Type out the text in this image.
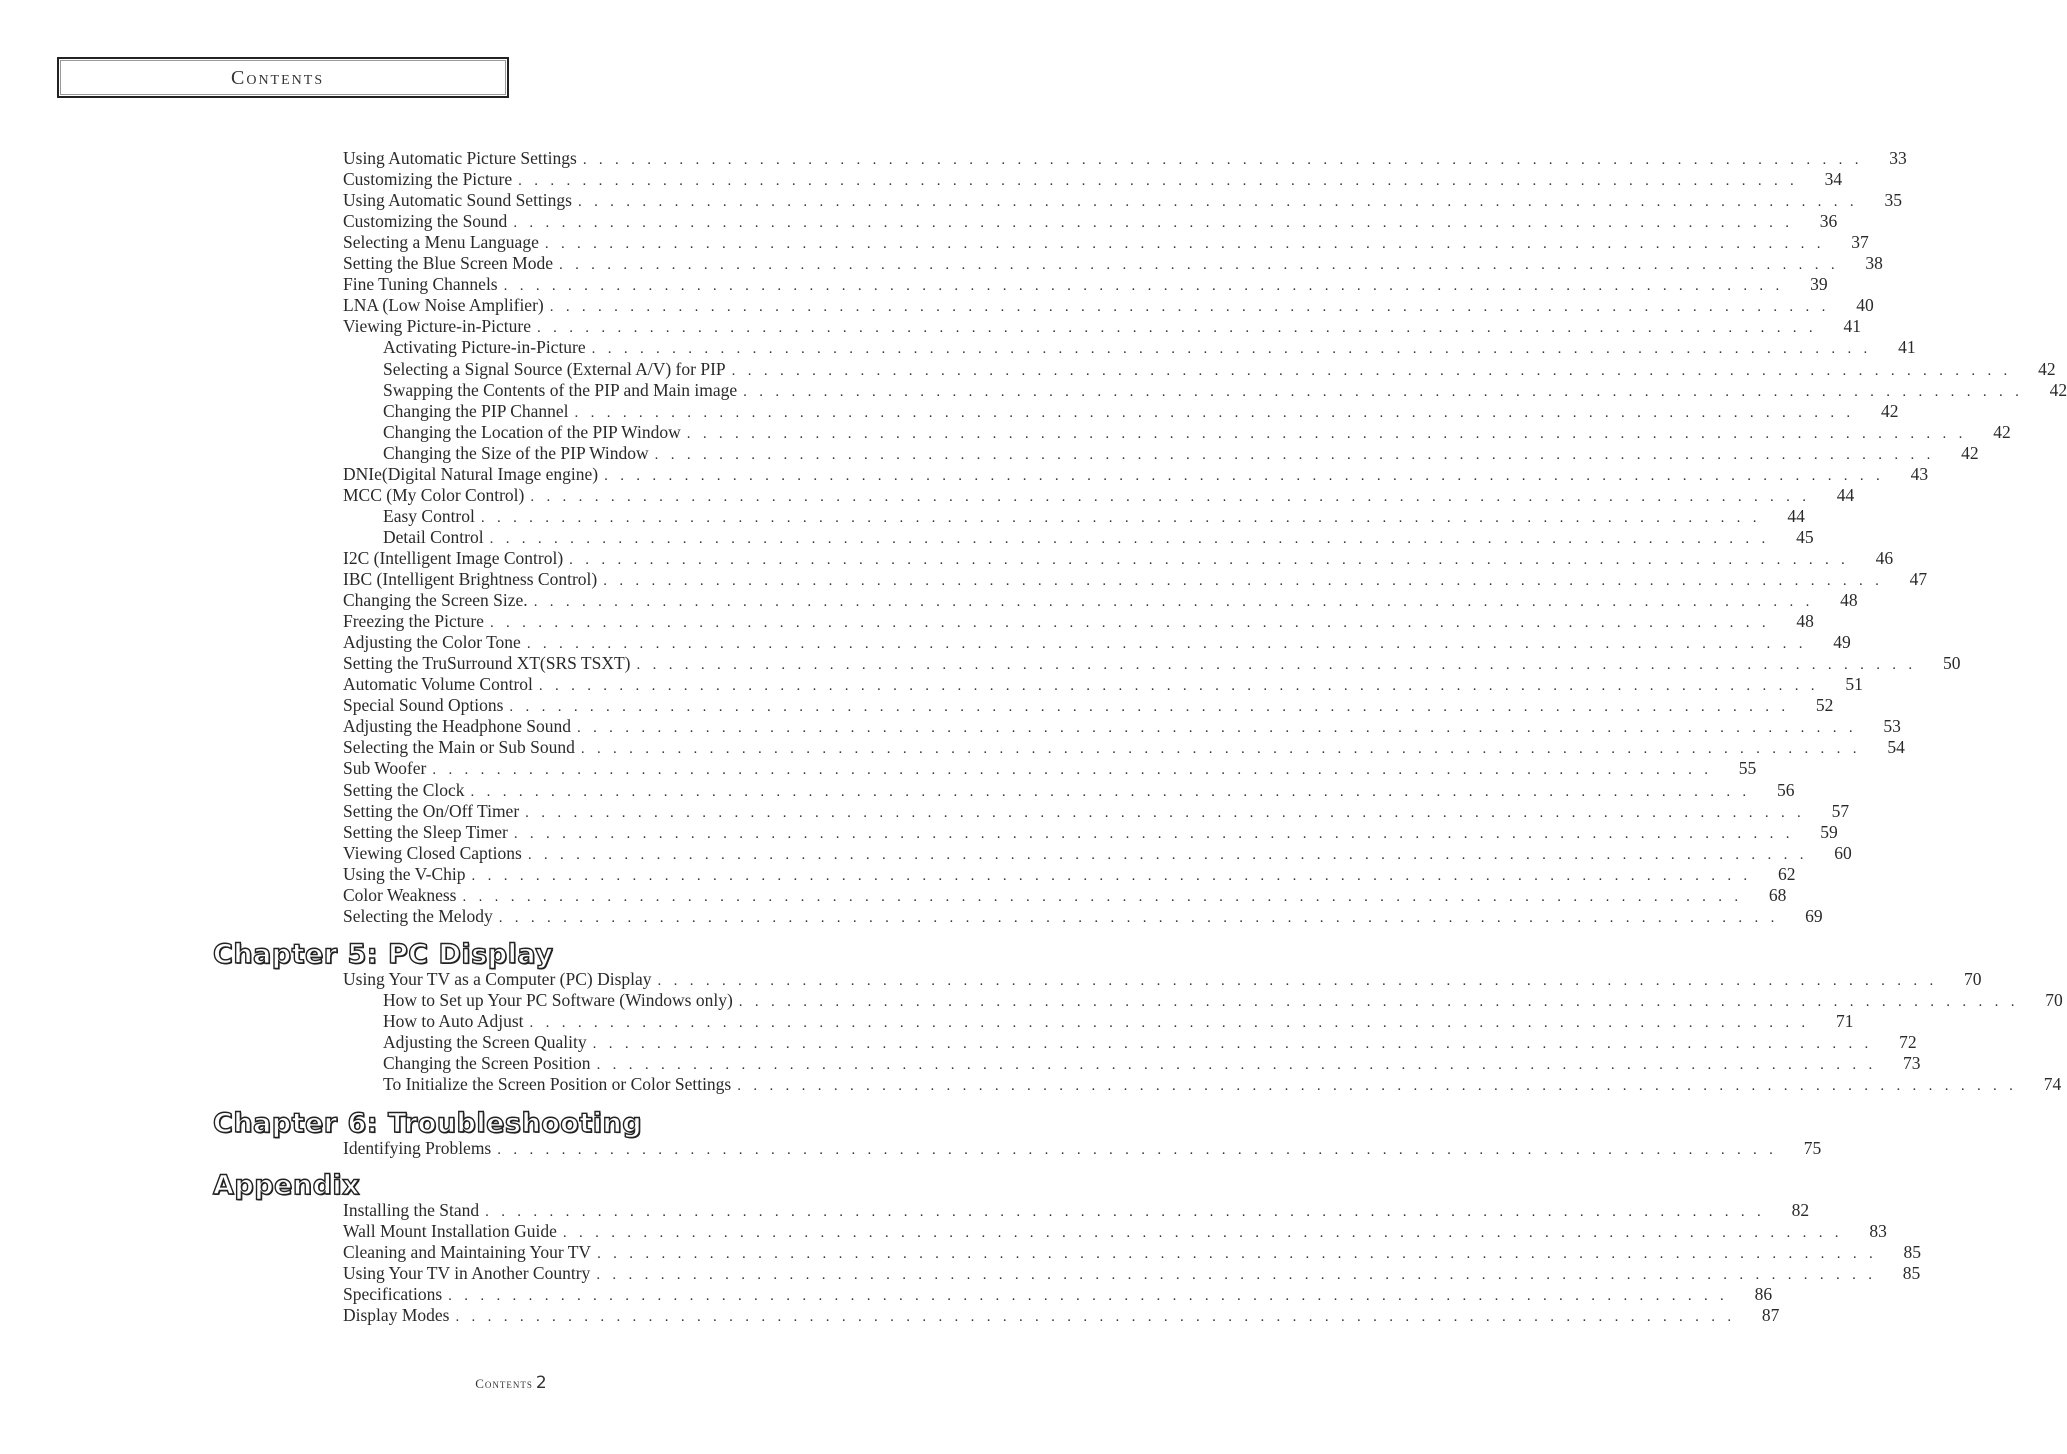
Contents
Using Automatic Picture Settings . . . . . . . . . . . . . . . . . . . . . . . . . . . . . . . . . . . . . . . . . . . . . . . . . . . . . . . . . . . . . . . . . . . . . . . . . . . . . . . .	33
Customizing the Picture . . . . . . . . . . . . . . . . . . . . . . . . . . . . . . . . . . . . . . . . . . . . . . . . . . . . . . . . . . . . . . . . . . . . . . . . . . . . . . . .	34
Using Automatic Sound Settings . . . . . . . . . . . . . . . . . . . . . . . . . . . . . . . . . . . . . . . . . . . . . . . . . . . . . . . . . . . . . . . . . . . . . . . . . . . . . . . .	35
Customizing the Sound . . . . . . . . . . . . . . . . . . . . . . . . . . . . . . . . . . . . . . . . . . . . . . . . . . . . . . . . . . . . . . . . . . . . . . . . . . . . . . . .	36
Selecting a Menu Language . . . . . . . . . . . . . . . . . . . . . . . . . . . . . . . . . . . . . . . . . . . . . . . . . . . . . . . . . . . . . . . . . . . . . . . . . . . . . . . .	37
Setting the Blue Screen Mode . . . . . . . . . . . . . . . . . . . . . . . . . . . . . . . . . . . . . . . . . . . . . . . . . . . . . . . . . . . . . . . . . . . . . . . . . . . . . . . .	38
Fine Tuning Channels . . . . . . . . . . . . . . . . . . . . . . . . . . . . . . . . . . . . . . . . . . . . . . . . . . . . . . . . . . . . . . . . . . . . . . . . . . . . . . . .	39
LNA (Low Noise Amplifier) . . . . . . . . . . . . . . . . . . . . . . . . . . . . . . . . . . . . . . . . . . . . . . . . . . . . . . . . . . . . . . . . . . . . . . . . . . . . . . . .	40
Viewing Picture-in-Picture . . . . . . . . . . . . . . . . . . . . . . . . . . . . . . . . . . . . . . . . . . . . . . . . . . . . . . . . . . . . . . . . . . . . . . . . . . . . . . . .	41
Activating Picture-in-Picture . . . . . . . . . . . . . . . . . . . . . . . . . . . . . . . . . . . . . . . . . . . . . . . . . . . . . . . . . . . . . . . . . . . . . . . . . . . . . . . .	41
Selecting a Signal Source (External A/V) for PIP . . . . . . . . . . . . . . . . . . . . . . . . . . . . . . . . . . . . . . . . . . . . . . . . . . . . . . . . . . . . . . . . . . . . . . . . . . . . . . . .	42
Swapping the Contents of the PIP and Main image . . . . . . . . . . . . . . . . . . . . . . . . . . . . . . . . . . . . . . . . . . . . . . . . . . . . . . . . . . . . . . . . . . . . . . . . . . . . . . . .	42
Changing the PIP Channel . . . . . . . . . . . . . . . . . . . . . . . . . . . . . . . . . . . . . . . . . . . . . . . . . . . . . . . . . . . . . . . . . . . . . . . . . . . . . . . .	42
Changing the Location of the PIP Window . . . . . . . . . . . . . . . . . . . . . . . . . . . . . . . . . . . . . . . . . . . . . . . . . . . . . . . . . . . . . . . . . . . . . . . . . . . . . . . .	42
Changing the Size of the PIP Window . . . . . . . . . . . . . . . . . . . . . . . . . . . . . . . . . . . . . . . . . . . . . . . . . . . . . . . . . . . . . . . . . . . . . . . . . . . . . . . .	42
DNIe(Digital Natural Image engine) . . . . . . . . . . . . . . . . . . . . . . . . . . . . . . . . . . . . . . . . . . . . . . . . . . . . . . . . . . . . . . . . . . . . . . . . . . . . . . . .	43
MCC (My Color Control) . . . . . . . . . . . . . . . . . . . . . . . . . . . . . . . . . . . . . . . . . . . . . . . . . . . . . . . . . . . . . . . . . . . . . . . . . . . . . . . .	44
Easy Control . . . . . . . . . . . . . . . . . . . . . . . . . . . . . . . . . . . . . . . . . . . . . . . . . . . . . . . . . . . . . . . . . . . . . . . . . . . . . . . .	44
Detail Control . . . . . . . . . . . . . . . . . . . . . . . . . . . . . . . . . . . . . . . . . . . . . . . . . . . . . . . . . . . . . . . . . . . . . . . . . . . . . . . .	45
I2C (Intelligent Image Control) . . . . . . . . . . . . . . . . . . . . . . . . . . . . . . . . . . . . . . . . . . . . . . . . . . . . . . . . . . . . . . . . . . . . . . . . . . . . . . . .	46
IBC (Intelligent Brightness Control) . . . . . . . . . . . . . . . . . . . . . . . . . . . . . . . . . . . . . . . . . . . . . . . . . . . . . . . . . . . . . . . . . . . . . . . . . . . . . . . .	47
Changing the Screen Size. . . . . . . . . . . . . . . . . . . . . . . . . . . . . . . . . . . . . . . . . . . . . . . . . . . . . . . . . . . . . . . . . . . . . . . . . . . . . . . . .	48
Freezing the Picture . . . . . . . . . . . . . . . . . . . . . . . . . . . . . . . . . . . . . . . . . . . . . . . . . . . . . . . . . . . . . . . . . . . . . . . . . . . . . . . .	48
Adjusting the Color Tone . . . . . . . . . . . . . . . . . . . . . . . . . . . . . . . . . . . . . . . . . . . . . . . . . . . . . . . . . . . . . . . . . . . . . . . . . . . . . . . .	49
Setting the TruSurround XT(SRS TSXT) . . . . . . . . . . . . . . . . . . . . . . . . . . . . . . . . . . . . . . . . . . . . . . . . . . . . . . . . . . . . . . . . . . . . . . . . . . . . . . . .	50
Automatic Volume Control . . . . . . . . . . . . . . . . . . . . . . . . . . . . . . . . . . . . . . . . . . . . . . . . . . . . . . . . . . . . . . . . . . . . . . . . . . . . . . . .	51
Special Sound Options . . . . . . . . . . . . . . . . . . . . . . . . . . . . . . . . . . . . . . . . . . . . . . . . . . . . . . . . . . . . . . . . . . . . . . . . . . . . . . . .	52
Adjusting the Headphone Sound . . . . . . . . . . . . . . . . . . . . . . . . . . . . . . . . . . . . . . . . . . . . . . . . . . . . . . . . . . . . . . . . . . . . . . . . . . . . . . . .	53
Selecting the Main or Sub Sound . . . . . . . . . . . . . . . . . . . . . . . . . . . . . . . . . . . . . . . . . . . . . . . . . . . . . . . . . . . . . . . . . . . . . . . . . . . . . . . .	54
Sub Woofer . . . . . . . . . . . . . . . . . . . . . . . . . . . . . . . . . . . . . . . . . . . . . . . . . . . . . . . . . . . . . . . . . . . . . . . . . . . . . . . .	55
Setting the Clock . . . . . . . . . . . . . . . . . . . . . . . . . . . . . . . . . . . . . . . . . . . . . . . . . . . . . . . . . . . . . . . . . . . . . . . . . . . . . . . .	56
Setting the On/Off Timer . . . . . . . . . . . . . . . . . . . . . . . . . . . . . . . . . . . . . . . . . . . . . . . . . . . . . . . . . . . . . . . . . . . . . . . . . . . . . . . .	57
Setting the Sleep Timer . . . . . . . . . . . . . . . . . . . . . . . . . . . . . . . . . . . . . . . . . . . . . . . . . . . . . . . . . . . . . . . . . . . . . . . . . . . . . . . .	59
Viewing Closed Captions . . . . . . . . . . . . . . . . . . . . . . . . . . . . . . . . . . . . . . . . . . . . . . . . . . . . . . . . . . . . . . . . . . . . . . . . . . . . . . . .	60
Using the V-Chip . . . . . . . . . . . . . . . . . . . . . . . . . . . . . . . . . . . . . . . . . . . . . . . . . . . . . . . . . . . . . . . . . . . . . . . . . . . . . . . .	62
Color Weakness . . . . . . . . . . . . . . . . . . . . . . . . . . . . . . . . . . . . . . . . . . . . . . . . . . . . . . . . . . . . . . . . . . . . . . . . . . . . . . . .	68
Selecting the Melody . . . . . . . . . . . . . . . . . . . . . . . . . . . . . . . . . . . . . . . . . . . . . . . . . . . . . . . . . . . . . . . . . . . . . . . . . . . . . . . .	69
Chapter 5: PC Display
Using Your TV as a Computer (PC) Display . . . . . . . . . . . . . . . . . . . . . . . . . . . . . . . . . . . . . . . . . . . . . . . . . . . . . . . . . . . . . . . . . . . . . . . . . . . . . . . .	70
How to Set up Your PC Software (Windows only) . . . . . . . . . . . . . . . . . . . . . . . . . . . . . . . . . . . . . . . . . . . . . . . . . . . . . . . . . . . . . . . . . . . . . . . . . . . . . . . .	70
How to Auto Adjust . . . . . . . . . . . . . . . . . . . . . . . . . . . . . . . . . . . . . . . . . . . . . . . . . . . . . . . . . . . . . . . . . . . . . . . . . . . . . . . .	71
Adjusting the Screen Quality . . . . . . . . . . . . . . . . . . . . . . . . . . . . . . . . . . . . . . . . . . . . . . . . . . . . . . . . . . . . . . . . . . . . . . . . . . . . . . . .	72
Changing the Screen Position . . . . . . . . . . . . . . . . . . . . . . . . . . . . . . . . . . . . . . . . . . . . . . . . . . . . . . . . . . . . . . . . . . . . . . . . . . . . . . . .	73
To Initialize the Screen Position or Color Settings . . . . . . . . . . . . . . . . . . . . . . . . . . . . . . . . . . . . . . . . . . . . . . . . . . . . . . . . . . . . . . . . . . . . . . . . . . . . . . . .	74
Chapter 6: Troubleshooting
Identifying Problems . . . . . . . . . . . . . . . . . . . . . . . . . . . . . . . . . . . . . . . . . . . . . . . . . . . . . . . . . . . . . . . . . . . . . . . . . . . . . . . .	75
Appendix
Installing the Stand . . . . . . . . . . . . . . . . . . . . . . . . . . . . . . . . . . . . . . . . . . . . . . . . . . . . . . . . . . . . . . . . . . . . . . . . . . . . . . . .	82
Wall Mount Installation Guide . . . . . . . . . . . . . . . . . . . . . . . . . . . . . . . . . . . . . . . . . . . . . . . . . . . . . . . . . . . . . . . . . . . . . . . . . . . . . . . .	83
Cleaning and Maintaining Your TV . . . . . . . . . . . . . . . . . . . . . . . . . . . . . . . . . . . . . . . . . . . . . . . . . . . . . . . . . . . . . . . . . . . . . . . . . . . . . . . .	85
Using Your TV in Another Country . . . . . . . . . . . . . . . . . . . . . . . . . . . . . . . . . . . . . . . . . . . . . . . . . . . . . . . . . . . . . . . . . . . . . . . . . . . . . . . .	85
Specifications . . . . . . . . . . . . . . . . . . . . . . . . . . . . . . . . . . . . . . . . . . . . . . . . . . . . . . . . . . . . . . . . . . . . . . . . . . . . . . . .	86
Display Modes . . . . . . . . . . . . . . . . . . . . . . . . . . . . . . . . . . . . . . . . . . . . . . . . . . . . . . . . . . . . . . . . . . . . . . . . . . . . . . . .	87
Contents 2
